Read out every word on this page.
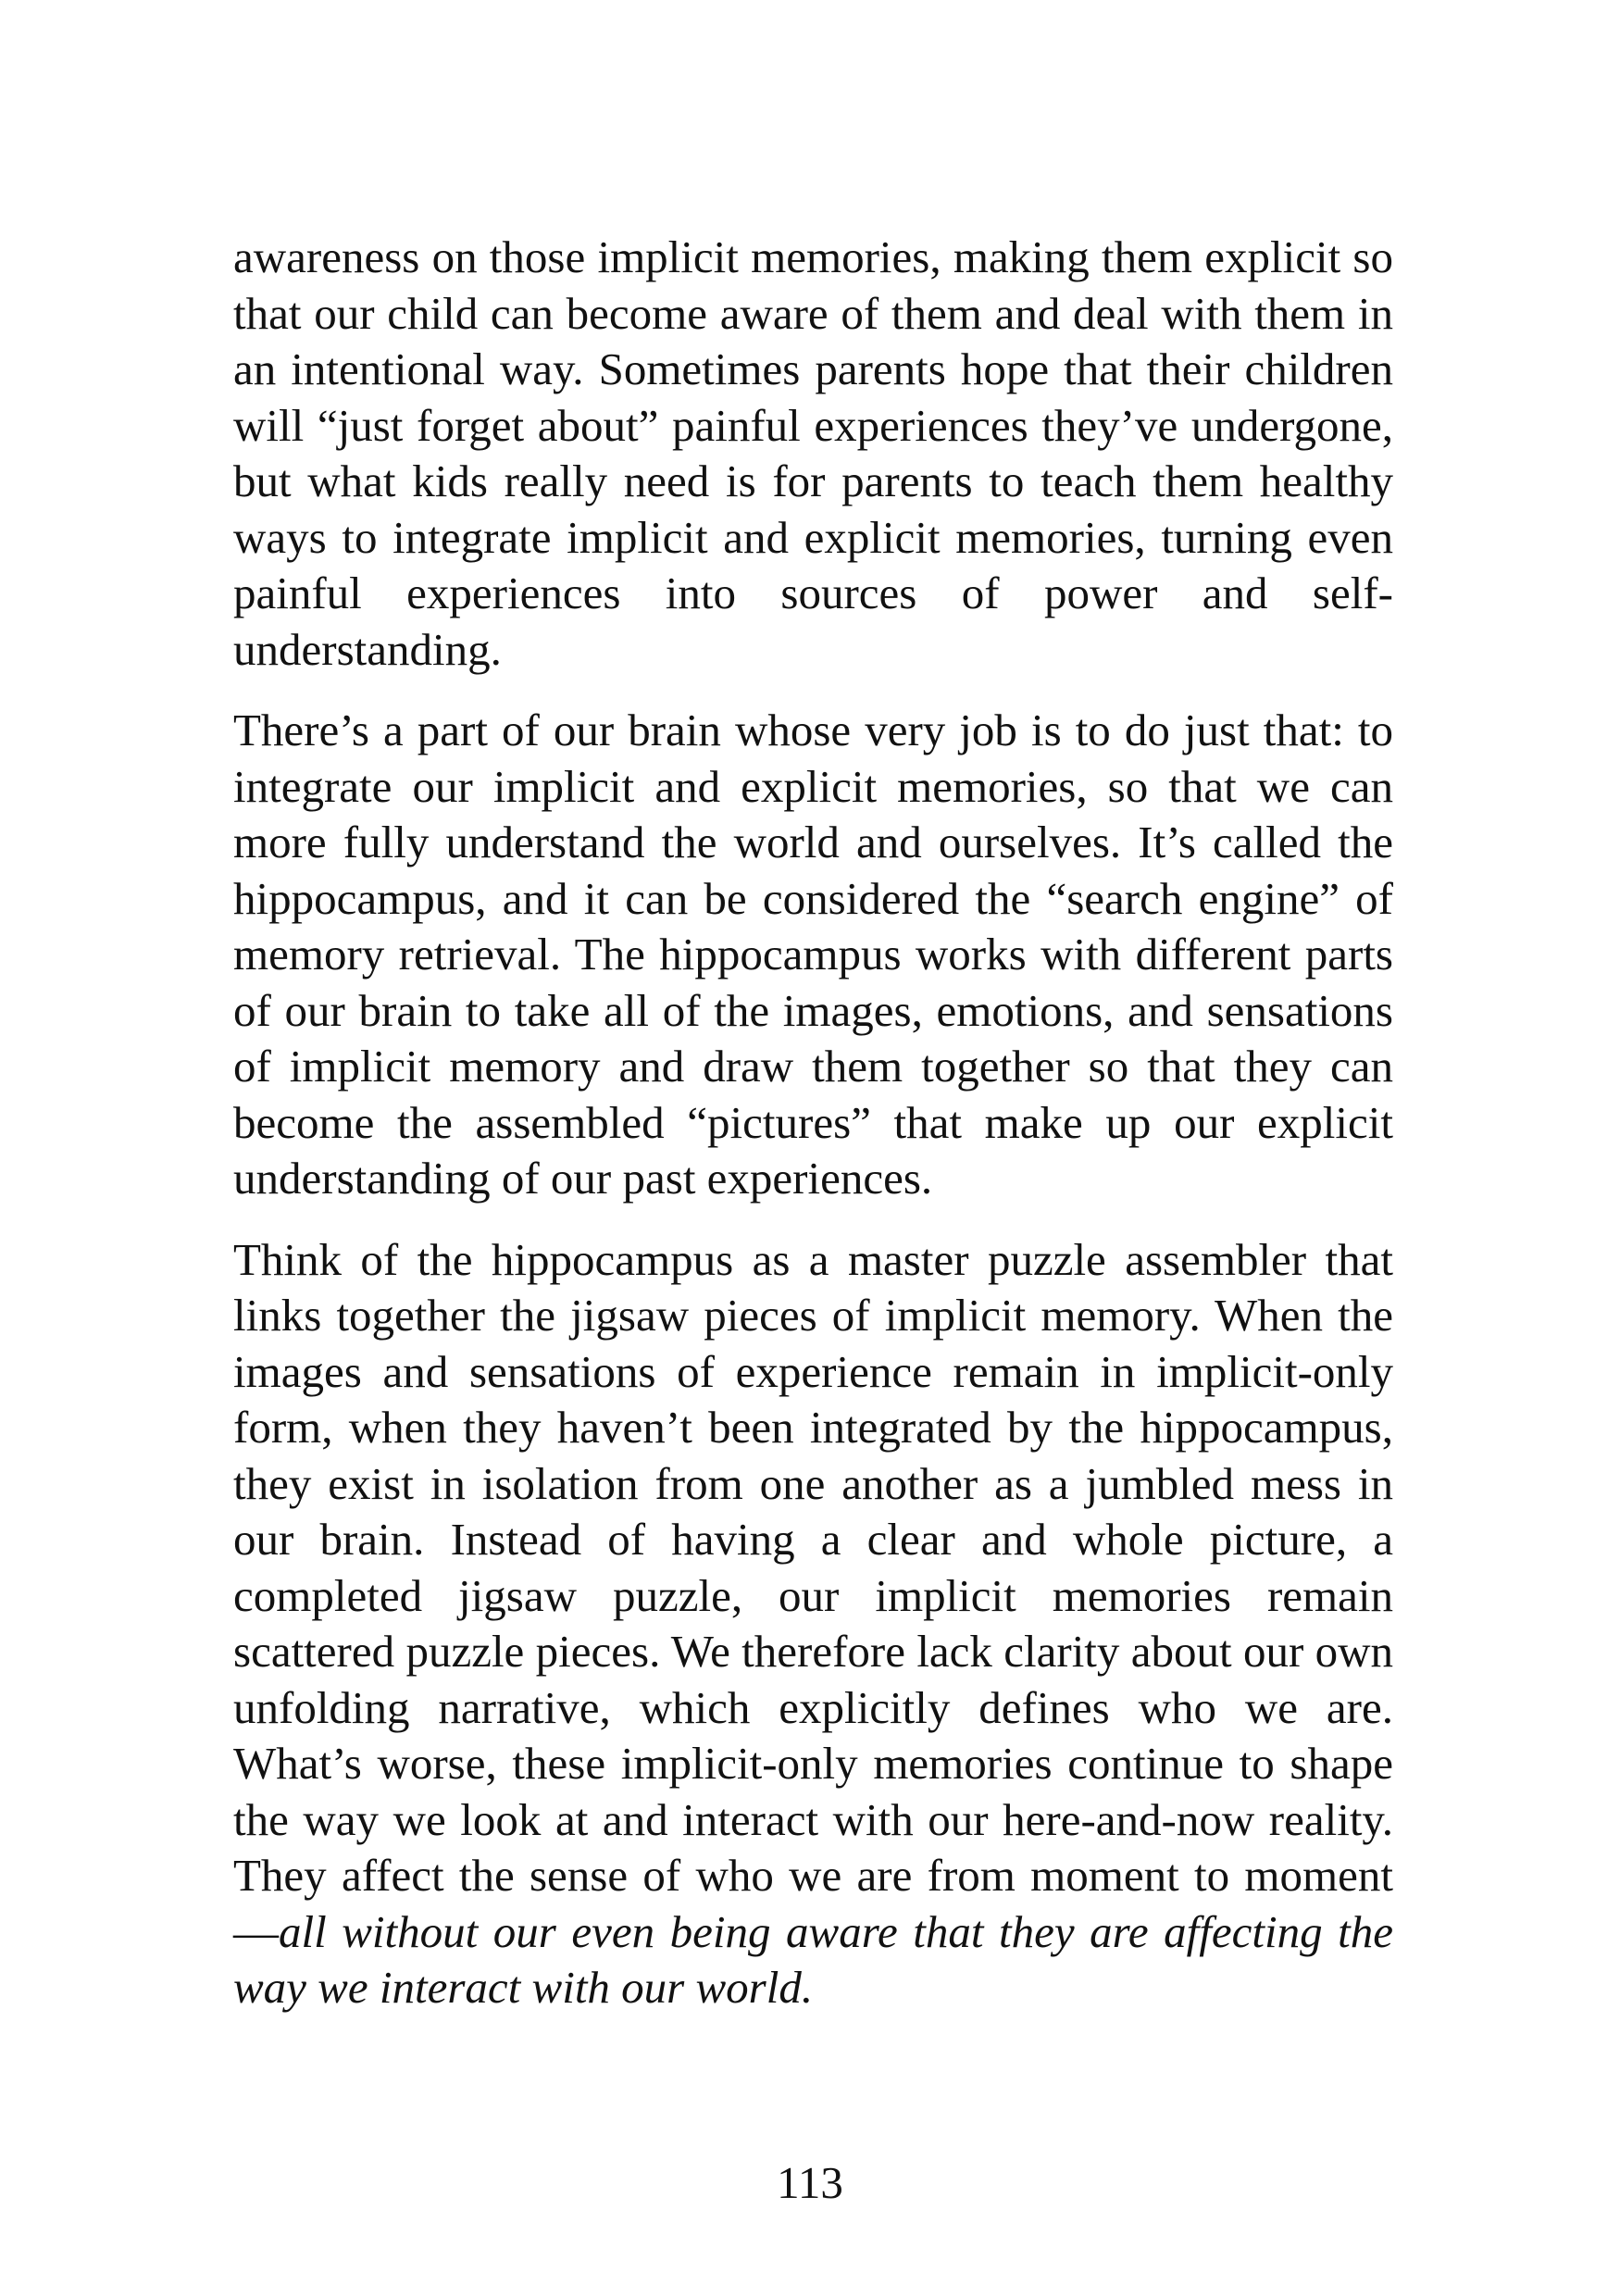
awareness on those implicit memories, making them explicit so that our child can become aware of them and deal with them in an intentional way. Sometimes parents hope that their children will “just forget about” painful experiences they’ve undergone, but what kids really need is for parents to teach them healthy ways to integrate implicit and explicit memories, turning even painful experiences into sources of power and self-understanding.

There’s a part of our brain whose very job is to do just that: to integrate our implicit and explicit memories, so that we can more fully understand the world and ourselves. It’s called the hippocampus, and it can be considered the “search engine” of memory retrieval. The hippocampus works with different parts of our brain to take all of the images, emotions, and sensations of implicit memory and draw them together so that they can become the assembled “pictures” that make up our explicit understanding of our past experiences.

Think of the hippocampus as a master puzzle assembler that links together the jigsaw pieces of implicit memory. When the images and sensations of experience remain in implicit-only form, when they haven’t been integrated by the hippocampus, they exist in isolation from one another as a jumbled mess in our brain. Instead of having a clear and whole picture, a completed jigsaw puzzle, our implicit memories remain scattered puzzle pieces. We therefore lack clarity about our own unfolding narrative, which explicitly defines who we are. What’s worse, these implicit-only memories continue to shape the way we look at and interact with our here-and-now reality. They affect the sense of who we are from moment to moment—all without our even being aware that they are affecting the way we interact with our world.

113
